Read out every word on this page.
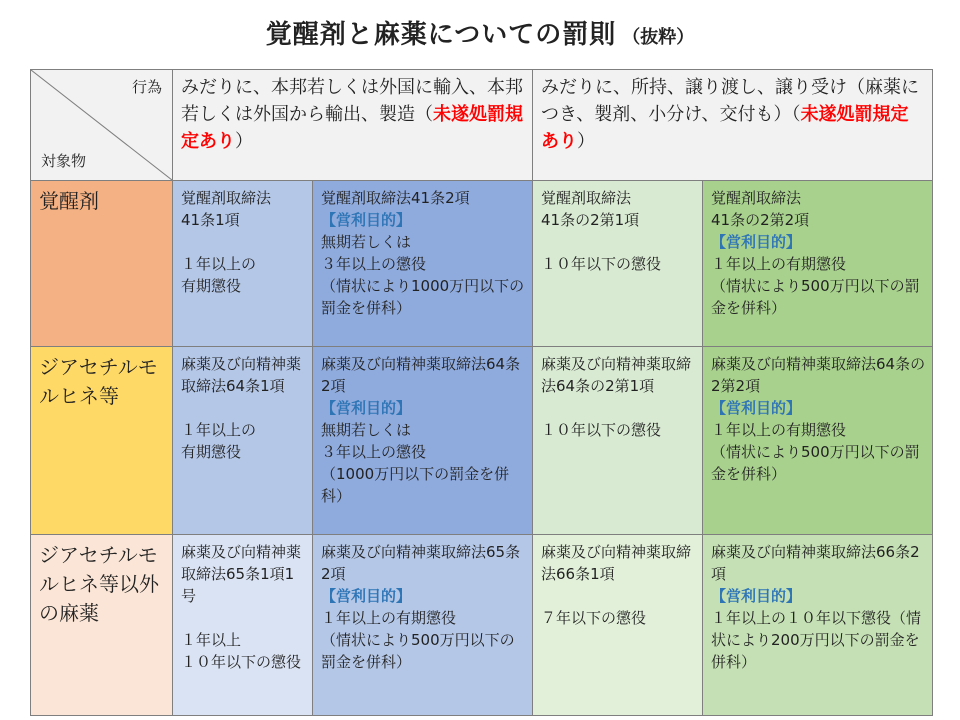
覚醒剤と麻薬についての罰則 （抜粋）

行為

対象物	みだりに、本邦若しくは外国に輸入、本邦若しくは外国から輸出、製造（未遂処罰規定あり）		みだりに、所持、譲り渡し、譲り受け（麻薬につき、製剤、小分け、交付も）（未遂処罰規定あり）	
覚醒剤	覚醒剤取締法
41条1項

１年以上の
有期懲役	覚醒剤取締法41条2項
【営利目的】
無期若しくは
３年以上の懲役
（情状により1000万円以下の罰金を併科）	覚醒剤取締法
41条の2第1項

１０年以下の懲役	覚醒剤取締法
41条の2第2項
【営利目的】
１年以上の有期懲役
（情状により500万円以下の罰金を併科）
ジアセチルモルヒネ等	麻薬及び向精神薬取締法64条1項

１年以上の
有期懲役	麻薬及び向精神薬取締法64条2項
【営利目的】
無期若しくは
３年以上の懲役
（1000万円以下の罰金を併科）	麻薬及び向精神薬取締法64条の2第1項

１０年以下の懲役	麻薬及び向精神薬取締法64条の2第2項
【営利目的】
１年以上の有期懲役
（情状により500万円以下の罰金を併科）
ジアセチルモルヒネ等以外の麻薬	麻薬及び向精神薬取締法65条1項1号

１年以上
１０年以下の懲役	麻薬及び向精神薬取締法65条2項
【営利目的】
１年以上の有期懲役
（情状により500万円以下の罰金を併科）	麻薬及び向精神薬取締法66条1項

７年以下の懲役	麻薬及び向精神薬取締法66条2項
【営利目的】
１年以上の１０年以下懲役（情状により200万円以下の罰金を併科）
